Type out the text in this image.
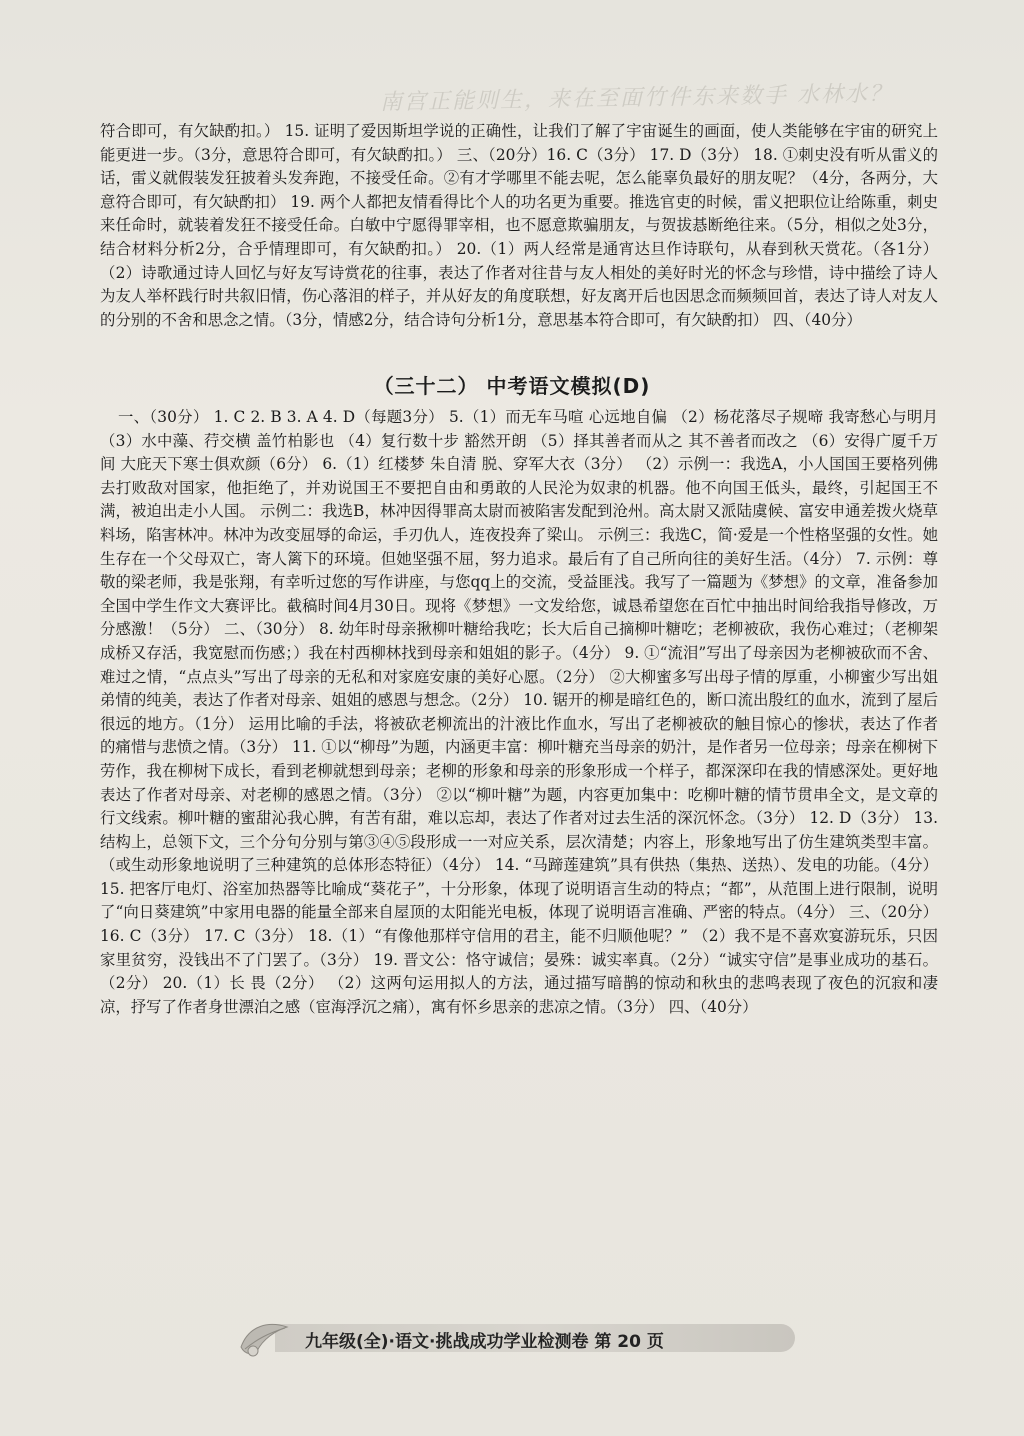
南宫正能则生，来在至面竹件东来数手 水林水？

符合即可，有欠缺酌扣。） 15. 证明了爱因斯坦学说的正确性，让我们了解了宇宙诞生的画面，使人类能够在宇宙的研究上能更进一步。（3分，意思符合即可，有欠缺酌扣。） 三、（20分）16. C（3分） 17. D（3分） 18. ①刺史没有听从雷义的话，雷义就假装发狂披着头发奔跑，不接受任命。②有才学哪里不能去呢，怎么能辜负最好的朋友呢？（4分，各两分，大意符合即可，有欠缺酌扣） 19. 两个人都把友情看得比个人的功名更为重要。推选官吏的时候，雷义把职位让给陈重，刺史来任命时，就装着发狂不接受任命。白敏中宁愿得罪宰相，也不愿意欺骗朋友，与贺拔惎断绝往来。（5分，相似之处3分，结合材料分析2分，合乎情理即可，有欠缺酌扣。） 20.（1）两人经常是通宵达旦作诗联句，从春到秋天赏花。（各1分） （2）诗歌通过诗人回忆与好友写诗赏花的往事，表达了作者对往昔与友人相处的美好时光的怀念与珍惜，诗中描绘了诗人为友人举杯践行时共叙旧情，伤心落泪的样子，并从好友的角度联想，好友离开后也因思念而频频回首，表达了诗人对友人的分别的不舍和思念之情。（3分，情感2分，结合诗句分析1分，意思基本符合即可，有欠缺酌扣） 四、（40分）

（三十二） 中考语文模拟(D)

一、（30分） 1. C 2. B 3. A 4. D（每题3分） 5.（1）而无车马喧 心远地自偏 （2）杨花落尽子规啼 我寄愁心与明月 （3）水中藻、荇交横 盖竹柏影也 （4）复行数十步 豁然开朗 （5）择其善者而从之 其不善者而改之 （6）安得广厦千万间 大庇天下寒士俱欢颜（6分） 6.（1）红楼梦 朱自清 脱、穿军大衣（3分） （2）示例一：我选A，小人国国王要格列佛去打败敌对国家，他拒绝了，并劝说国王不要把自由和勇敢的人民沦为奴隶的机器。他不向国王低头，最终，引起国王不满，被迫出走小人国。 示例二：我选B，林冲因得罪高太尉而被陷害发配到沧州。高太尉又派陆虞候、富安申通差拨火烧草料场，陷害林冲。林冲为改变屈辱的命运，手刃仇人，连夜投奔了梁山。 示例三：我选C，简·爱是一个性格坚强的女性。她生存在一个父母双亡，寄人篱下的环境。但她坚强不屈，努力追求。最后有了自己所向往的美好生活。（4分） 7. 示例：尊敬的梁老师，我是张翔，有幸听过您的写作讲座，与您qq上的交流，受益匪浅。我写了一篇题为《梦想》的文章，准备参加全国中学生作文大赛评比。截稿时间4月30日。现将《梦想》一文发给您，诚恳希望您在百忙中抽出时间给我指导修改，万分感激！（5分） 二、（30分） 8. 幼年时母亲揪柳叶糖给我吃；长大后自己摘柳叶糖吃；老柳被砍，我伤心难过；（老柳架成桥又存活，我宽慰而伤感；）我在村西柳林找到母亲和姐姐的影子。（4分） 9. ①“流泪”写出了母亲因为老柳被砍而不舍、难过之情，“点点头”写出了母亲的无私和对家庭安康的美好心愿。（2分） ②大柳蜜多写出母子情的厚重，小柳蜜少写出姐弟情的纯美，表达了作者对母亲、姐姐的感恩与想念。（2分） 10. 锯开的柳是暗红色的，断口流出殷红的血水，流到了屋后很远的地方。（1分） 运用比喻的手法，将被砍老柳流出的汁液比作血水，写出了老柳被砍的触目惊心的惨状，表达了作者的痛惜与悲愤之情。（3分） 11. ①以“柳母”为题，内涵更丰富：柳叶糖充当母亲的奶汁，是作者另一位母亲；母亲在柳树下劳作，我在柳树下成长，看到老柳就想到母亲；老柳的形象和母亲的形象形成一个样子，都深深印在我的情感深处。更好地表达了作者对母亲、对老柳的感恩之情。（3分） ②以“柳叶糖”为题，内容更加集中：吃柳叶糖的情节贯串全文，是文章的行文线索。柳叶糖的蜜甜沁我心脾，有苦有甜，难以忘却，表达了作者对过去生活的深沉怀念。（3分） 12. D（3分） 13. 结构上，总领下文，三个分句分别与第③④⑤段形成一一对应关系，层次清楚；内容上，形象地写出了仿生建筑类型丰富。（或生动形象地说明了三种建筑的总体形态特征）（4分） 14. “马蹄莲建筑”具有供热（集热、送热）、发电的功能。（4分） 15. 把客厅电灯、浴室加热器等比喻成“葵花子”，十分形象，体现了说明语言生动的特点；“都”，从范围上进行限制，说明了“向日葵建筑”中家用电器的能量全部来自屋顶的太阳能光电板，体现了说明语言准确、严密的特点。（4分） 三、（20分） 16. C（3分） 17. C（3分） 18.（1）“有像他那样守信用的君主，能不归顺他呢？” （2）我不是不喜欢宴游玩乐，只因家里贫穷，没钱出不了门罢了。（3分） 19. 晋文公：恪守诚信；晏殊：诚实率真。（2分）“诚实守信”是事业成功的基石。（2分） 20.（1）长 畏（2分） （2）这两句运用拟人的方法，通过描写暗鹊的惊动和秋虫的悲鸣表现了夜色的沉寂和凄凉，抒写了作者身世漂泊之感（宦海浮沉之痛），寓有怀乡思亲的悲凉之情。（3分） 四、（40分）

九年级(全)·语文·挑战成功学业检测卷 第 20 页
